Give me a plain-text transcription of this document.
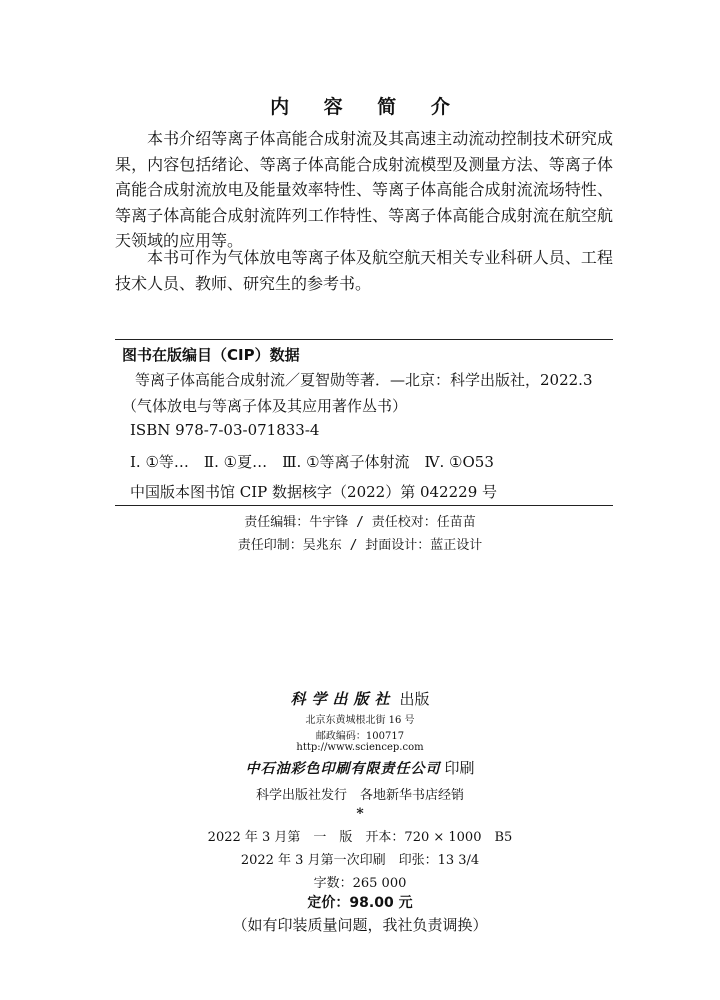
内 容 简 介

本书介绍等离子体高能合成射流及其高速主动流动控制技术研究成果，内容包括绪论、等离子体高能合成射流模型及测量方法、等离子体高能合成射流放电及能量效率特性、等离子体高能合成射流流场特性、等离子体高能合成射流阵列工作特性、等离子体高能合成射流在航空航天领域的应用等。

本书可作为气体放电等离子体及航空航天相关专业科研人员、工程技术人员、教师、研究生的参考书。

图书在版编目（CIP）数据
等离子体高能合成射流／夏智勋等著．—北京：科学出版社，2022.3
（气体放电与等离子体及其应用著作丛书）
ISBN 978-7-03-071833-4
Ⅰ. ①等…　Ⅱ. ①夏…　Ⅲ. ①等离子体射流　Ⅳ. ①O53
中国版本图书馆 CIP 数据核字（2022）第 042229 号
责任编辑：牛宇锋 / 责任校对：任苗苗
责任印制：吴兆东 / 封面设计：蓝正设计
科学出版社 出版
北京东黄城根北街 16 号
邮政编码：100717
http://www.sciencep.com
中石油彩色印刷有限责任公司 印刷
科学出版社发行　各地新华书店经销
*
2022 年 3 月第　一　版　开本：720 × 1000　B5
2022 年 3 月第一次印刷　印张：13 3/4
字数：265 000
定价：98.00 元
（如有印装质量问题，我社负责调换）
